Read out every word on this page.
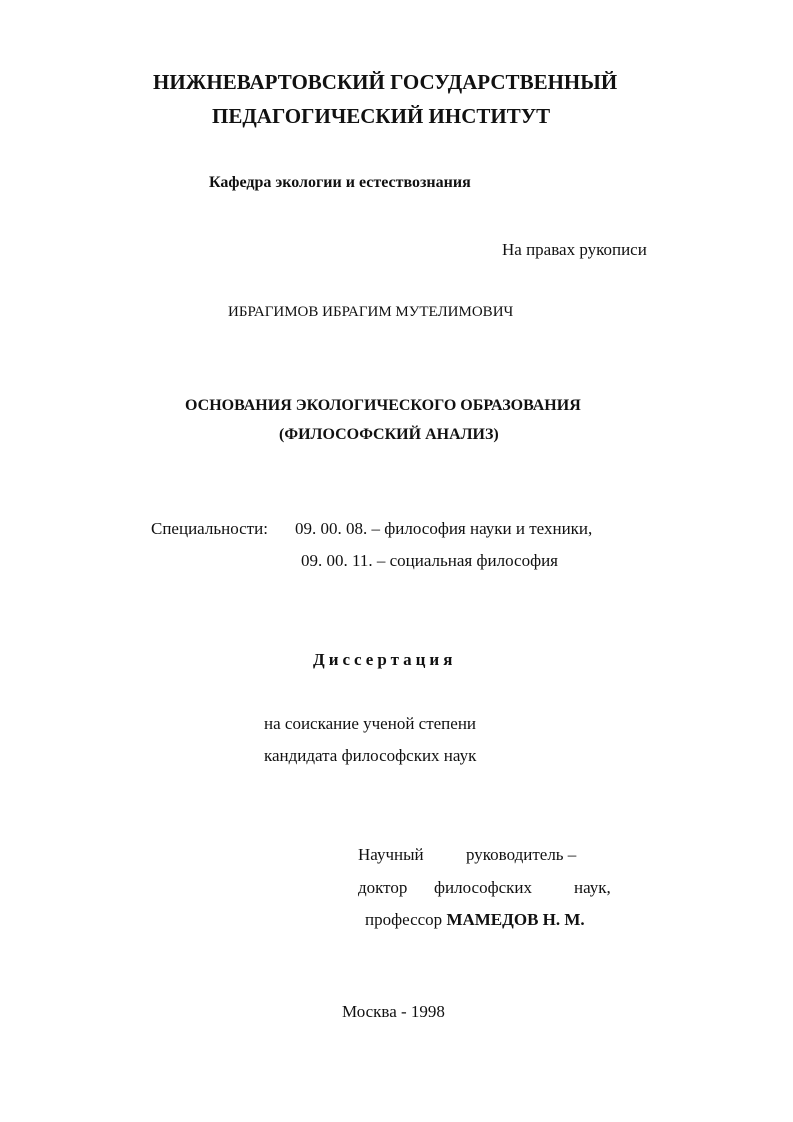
НИЖНЕВАРТОВСКИЙ ГОСУДАРСТВЕННЫЙ
ПЕДАГОГИЧЕСКИЙ ИНСТИТУТ
Кафедра экологии и естествознания
На правах рукописи
ИБРАГИМОВ ИБРАГИМ МУТЕЛИМОВИЧ
ОСНОВАНИЯ ЭКОЛОГИЧЕСКОГО ОБРАЗОВАНИЯ
(ФИЛОСОФСКИЙ АНАЛИЗ)
Специальности: 09. 00. 08. – философия науки и техники,
09. 00. 11. – социальная философия
Диссертация
на соискание ученой степени
кандидата философских наук
Научный руководитель –
доктор философских наук,
профессор МАМЕДОВ Н. М.
Москва - 1998
